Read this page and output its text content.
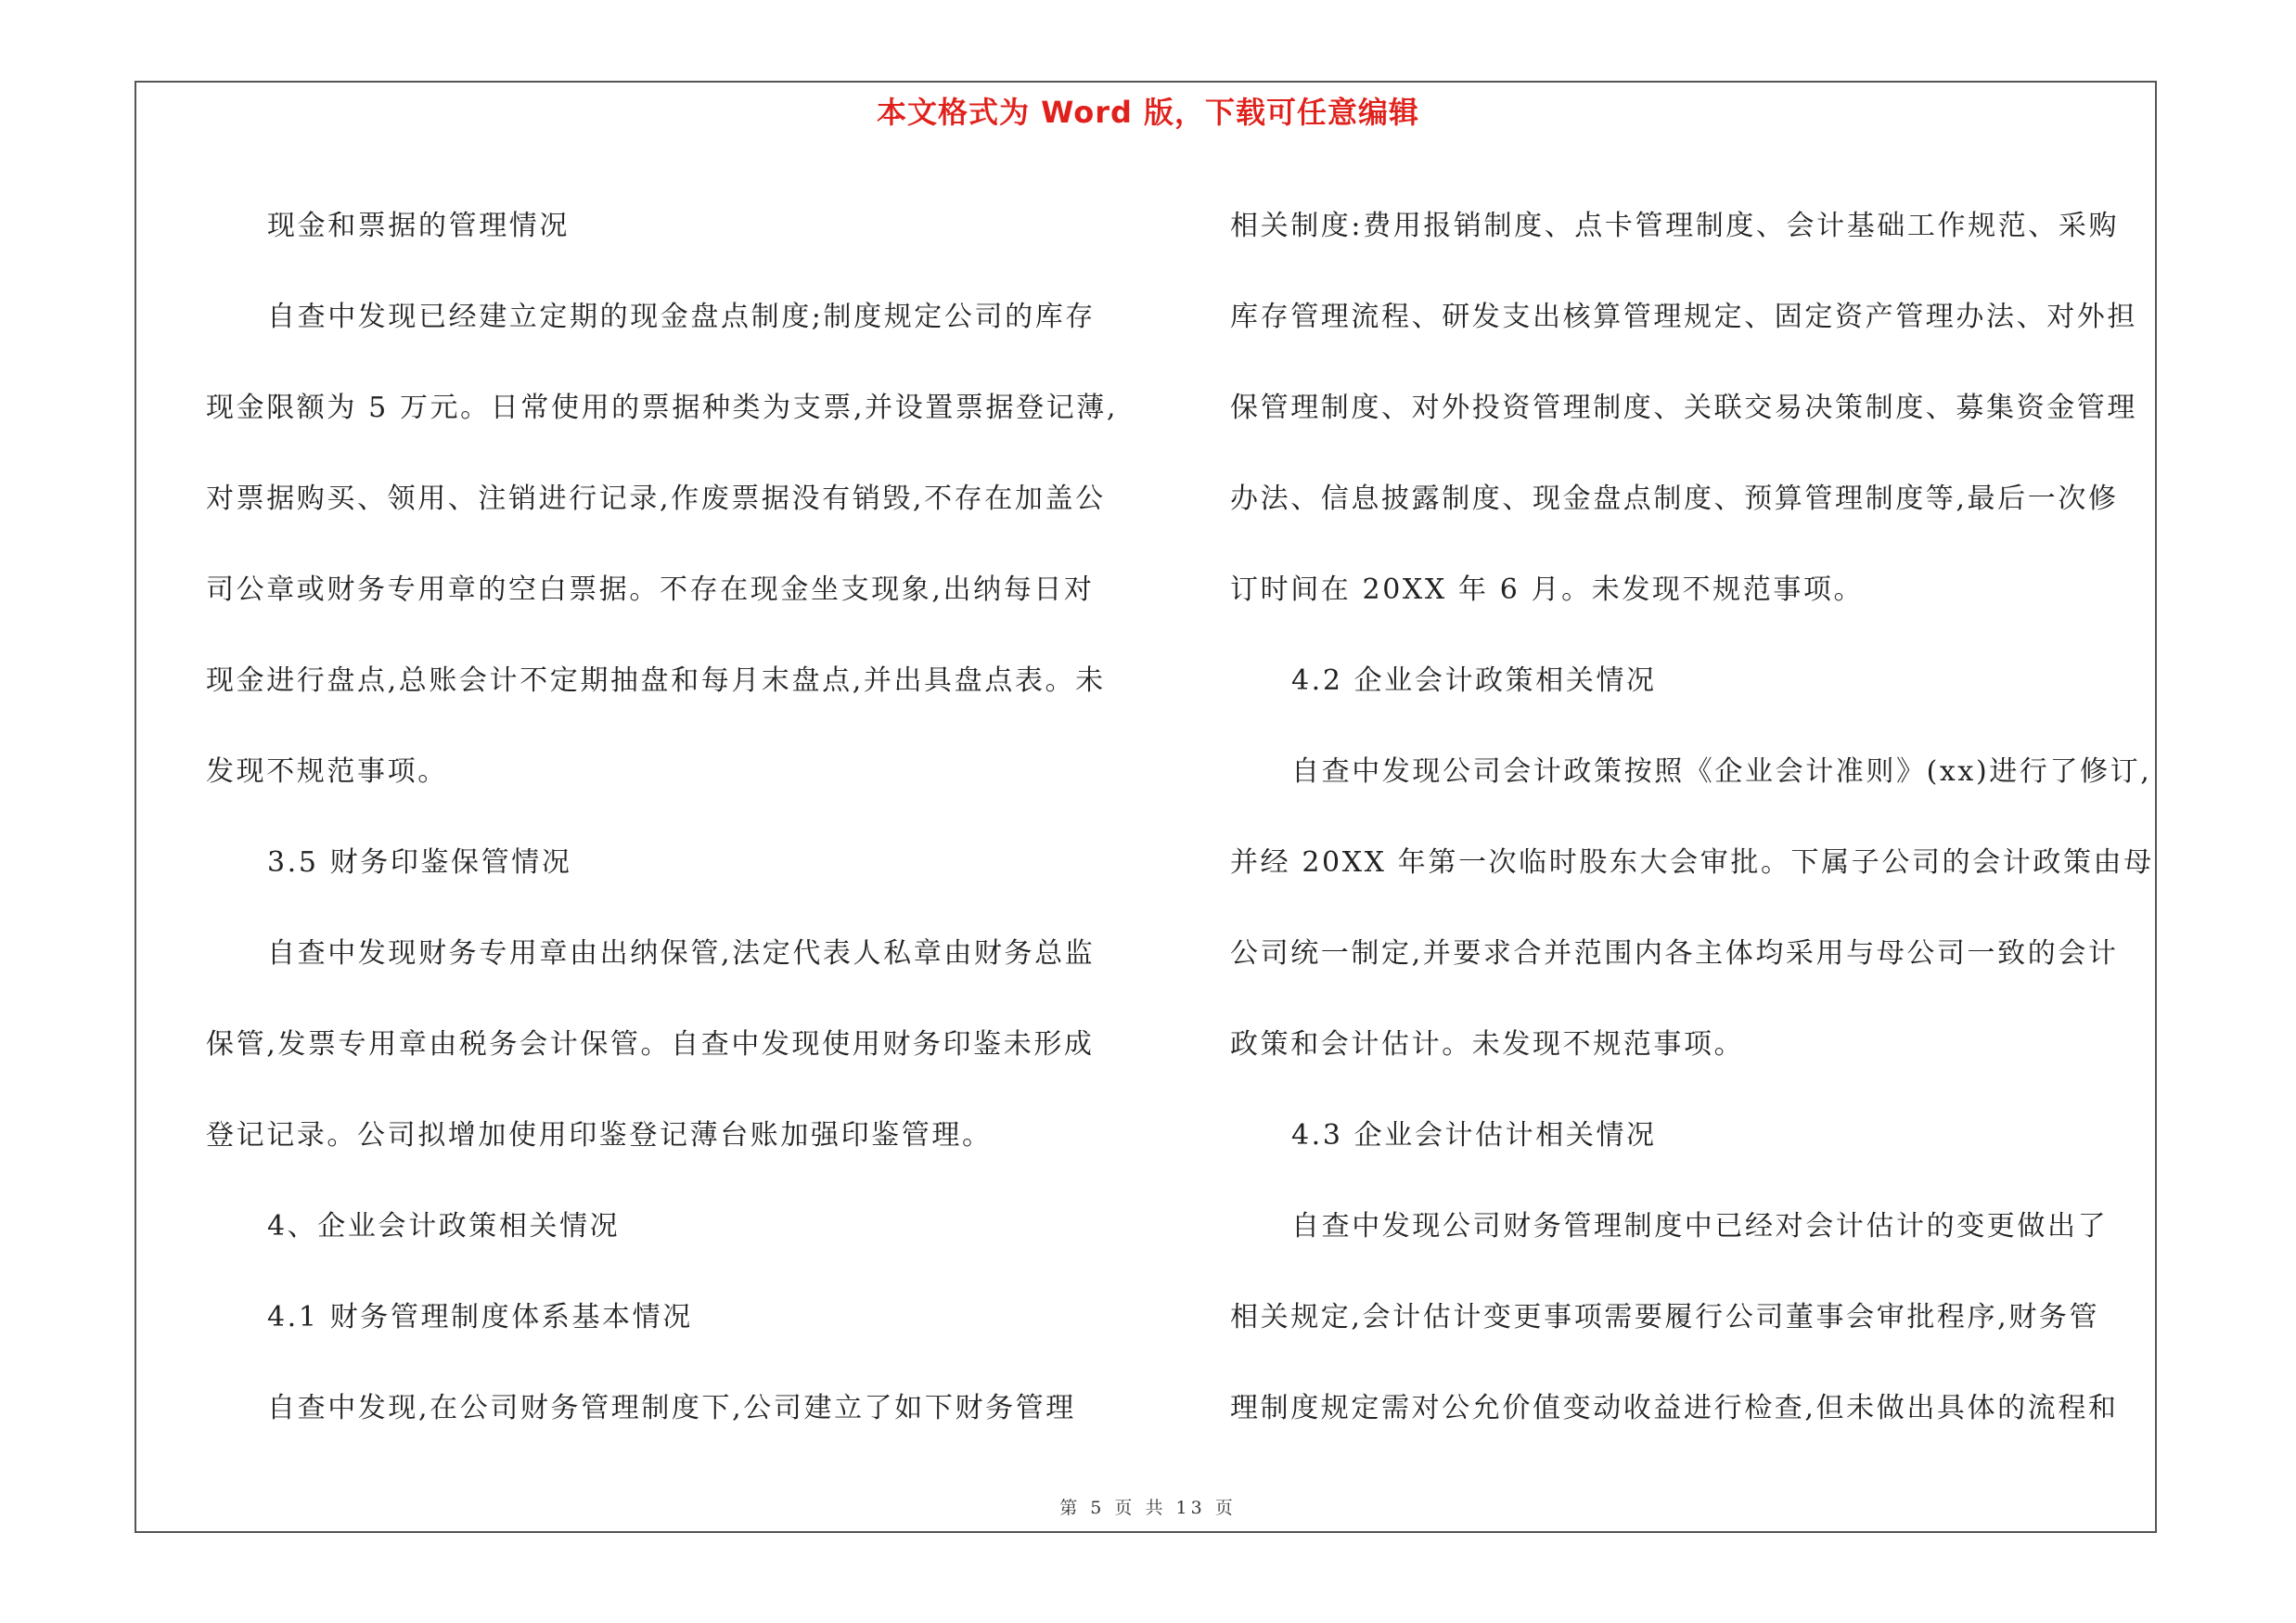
本文格式为 Word 版，下载可任意编辑
现金和票据的管理情况
自查中发现已经建立定期的现金盘点制度;制度规定公司的库存
现金限额为 5 万元。日常使用的票据种类为支票,并设置票据登记薄,
对票据购买、领用、注销进行记录,作废票据没有销毁,不存在加盖公
司公章或财务专用章的空白票据。不存在现金坐支现象,出纳每日对
现金进行盘点,总账会计不定期抽盘和每月末盘点,并出具盘点表。未
发现不规范事项。
3.5 财务印鉴保管情况
自查中发现财务专用章由出纳保管,法定代表人私章由财务总监
保管,发票专用章由税务会计保管。自查中发现使用财务印鉴未形成
登记记录。公司拟增加使用印鉴登记薄台账加强印鉴管理。
4、企业会计政策相关情况
4.1 财务管理制度体系基本情况
自查中发现,在公司财务管理制度下,公司建立了如下财务管理
相关制度:费用报销制度、点卡管理制度、会计基础工作规范、采购
库存管理流程、研发支出核算管理规定、固定资产管理办法、对外担
保管理制度、对外投资管理制度、关联交易决策制度、募集资金管理
办法、信息披露制度、现金盘点制度、预算管理制度等,最后一次修
订时间在 20XX 年 6 月。未发现不规范事项。
4.2 企业会计政策相关情况
自查中发现公司会计政策按照《企业会计准则》(xx)进行了修订,
并经 20XX 年第一次临时股东大会审批。下属子公司的会计政策由母
公司统一制定,并要求合并范围内各主体均采用与母公司一致的会计
政策和会计估计。未发现不规范事项。
4.3 企业会计估计相关情况
自查中发现公司财务管理制度中已经对会计估计的变更做出了
相关规定,会计估计变更事项需要履行公司董事会审批程序,财务管
理制度规定需对公允价值变动收益进行检查,但未做出具体的流程和
第 5 页 共 13 页
